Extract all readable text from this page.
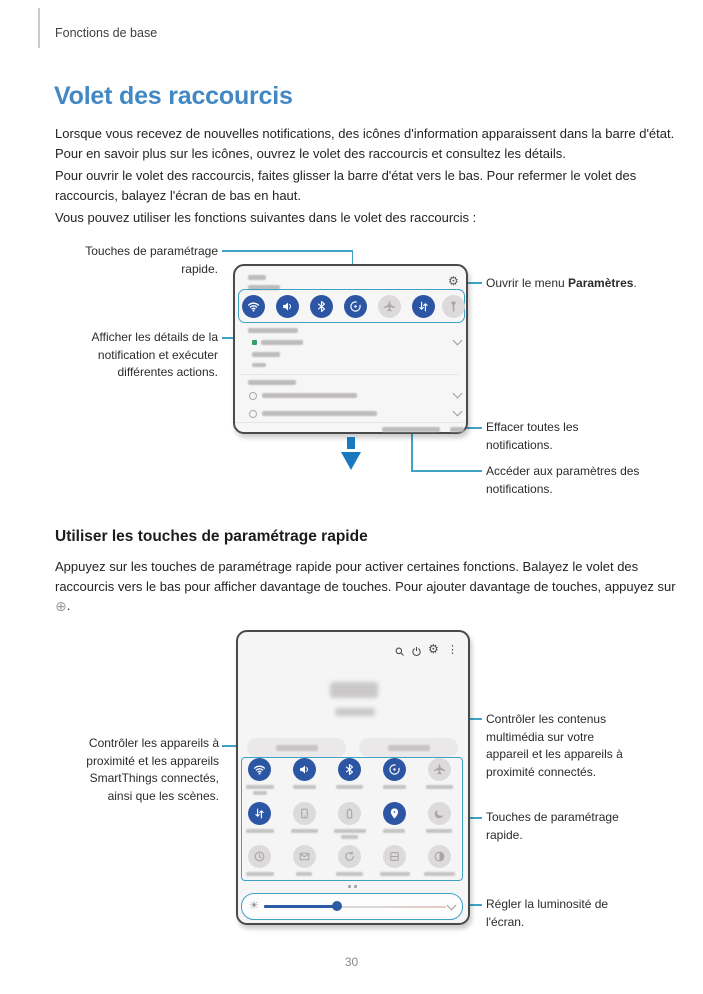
Fonctions de base
Volet des raccourcis
Lorsque vous recevez de nouvelles notifications, des icônes d'information apparaissent dans la barre d'état.
Pour en savoir plus sur les icônes, ouvrez le volet des raccourcis et consultez les détails.
Pour ouvrir le volet des raccourcis, faites glisser la barre d'état vers le bas. Pour refermer le volet des
raccourcis, balayez l'écran de bas en haut.
Vous pouvez utiliser les fonctions suivantes dans le volet des raccourcis :
Touches de paramétrage
rapide.
Afficher les détails de la
notification et exécuter
différentes actions.
Ouvrir le menu Paramètres.
Effacer toutes les
notifications.
Accéder aux paramètres des
notifications.
⚙
Utiliser les touches de paramétrage rapide
Appuyez sur les touches de paramétrage rapide pour activer certaines fonctions. Balayez le volet des
raccourcis vers le bas pour afficher davantage de touches. Pour ajouter davantage de touches, appuyez sur
⊕.
Contrôler les appareils à
proximité et les appareils
SmartThings connectés,
ainsi que les scènes.
Contrôler les contenus
multimédia sur votre
appareil et les appareils à
proximité connectés.
Touches de paramétrage
rapide.
Régler la luminosité de
l'écran.
⚙ ⋮
☀
30
